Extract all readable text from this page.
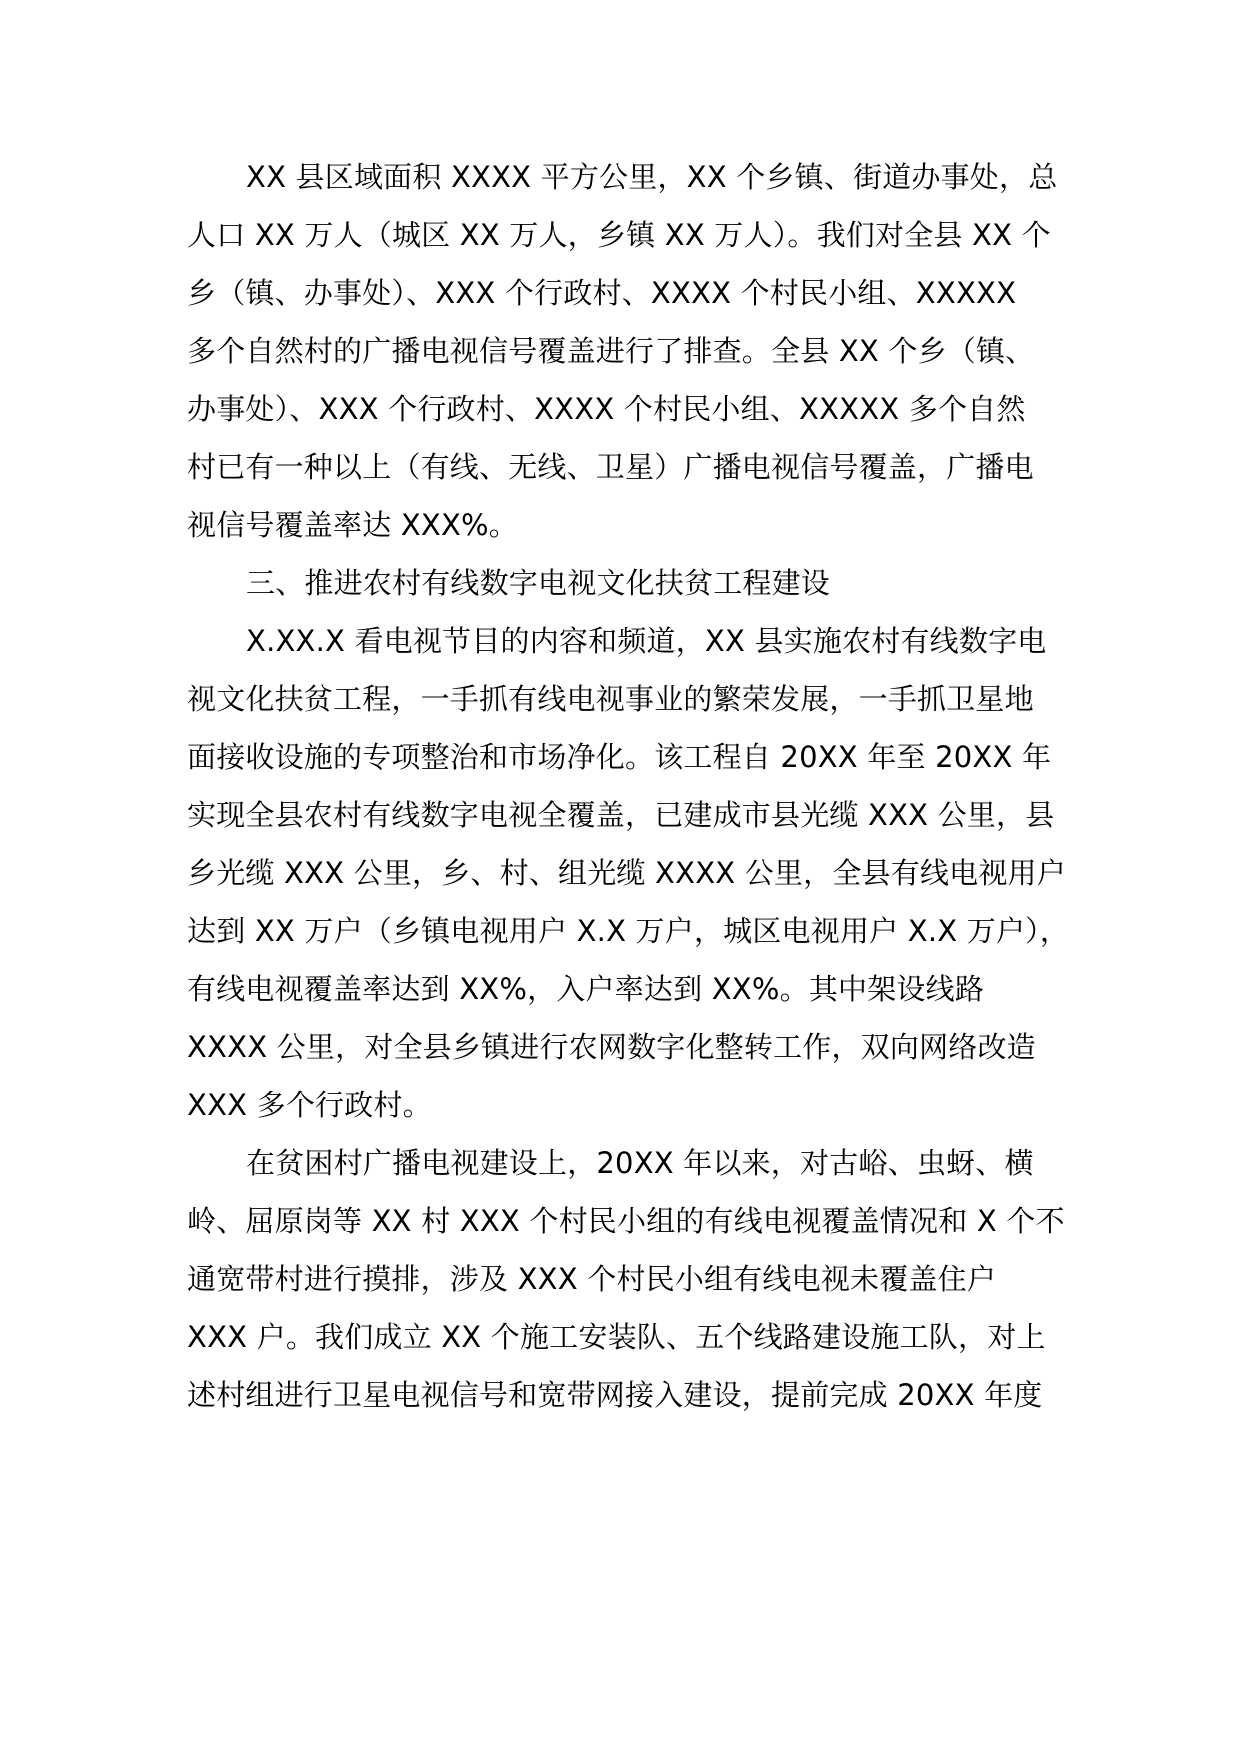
XX 县区域面积 XXXX 平方公里，XX 个乡镇、街道办事处，总
人口 XX 万人（城区 XX 万人，乡镇 XX 万人）。我们对全县 XX 个
乡（镇、办事处）、XXX 个行政村、XXXX 个村民小组、XXXXX
多个自然村的广播电视信号覆盖进行了排查。全县 XX 个乡（镇、
办事处）、XXX 个行政村、XXXX 个村民小组、XXXXX 多个自然
村已有一种以上（有线、无线、卫星）广播电视信号覆盖，广播电
视信号覆盖率达 XXX%。
三、推进农村有线数字电视文化扶贫工程建设
X.XX.X 看电视节目的内容和频道，XX 县实施农村有线数字电
视文化扶贫工程，一手抓有线电视事业的繁荣发展，一手抓卫星地
面接收设施的专项整治和市场净化。该工程自 20XX 年至 20XX 年
实现全县农村有线数字电视全覆盖，已建成市县光缆 XXX 公里，县
乡光缆 XXX 公里，乡、村、组光缆 XXXX 公里，全县有线电视用户
达到 XX 万户（乡镇电视用户 X.X 万户，城区电视用户 X.X 万户），
有线电视覆盖率达到 XX%，入户率达到 XX%。其中架设线路
XXXX 公里，对全县乡镇进行农网数字化整转工作，双向网络改造
XXX 多个行政村。
在贫困村广播电视建设上，20XX 年以来，对古峪、虫蚜、横
岭、屈原岗等 XX 村 XXX 个村民小组的有线电视覆盖情况和 X 个不
通宽带村进行摸排，涉及 XXX 个村民小组有线电视未覆盖住户
XXX 户。我们成立 XX 个施工安装队、五个线路建设施工队，对上
述村组进行卫星电视信号和宽带网接入建设，提前完成 20XX 年度
